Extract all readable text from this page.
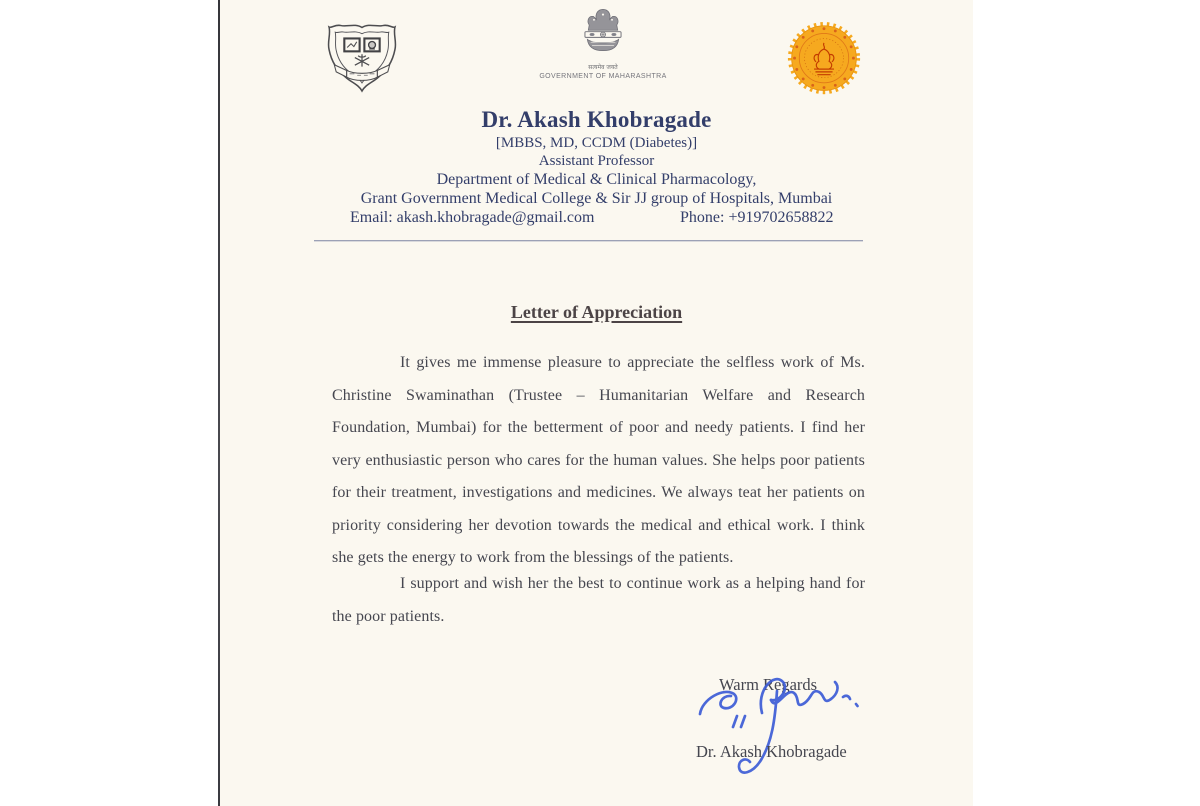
सत्यमेव जयते
GOVERNMENT OF MAHARASHTRA
Dr. Akash Khobragade
[MBBS, MD, CCDM (Diabetes)]
Assistant Professor
Department of Medical & Clinical Pharmacology,
Grant Government Medical College & Sir JJ group of Hospitals, Mumbai
Email: akash.khobragade@gmail.com	Phone: +919702658822
Letter of Appreciation

It gives me immense pleasure to appreciate the selfless work of Ms. Christine Swaminathan (Trustee – Humanitarian Welfare and Research Foundation, Mumbai) for the betterment of poor and needy patients. I find her very enthusiastic person who cares for the human values. She helps poor patients for their treatment, investigations and medicines. We always teat her patients on priority considering her devotion towards the medical and ethical work. I think she gets the energy to work from the blessings of the patients.

I support and wish her the best to continue work as a helping hand for the poor patients.

Warm Regards
Dr. Akash Khobragade
